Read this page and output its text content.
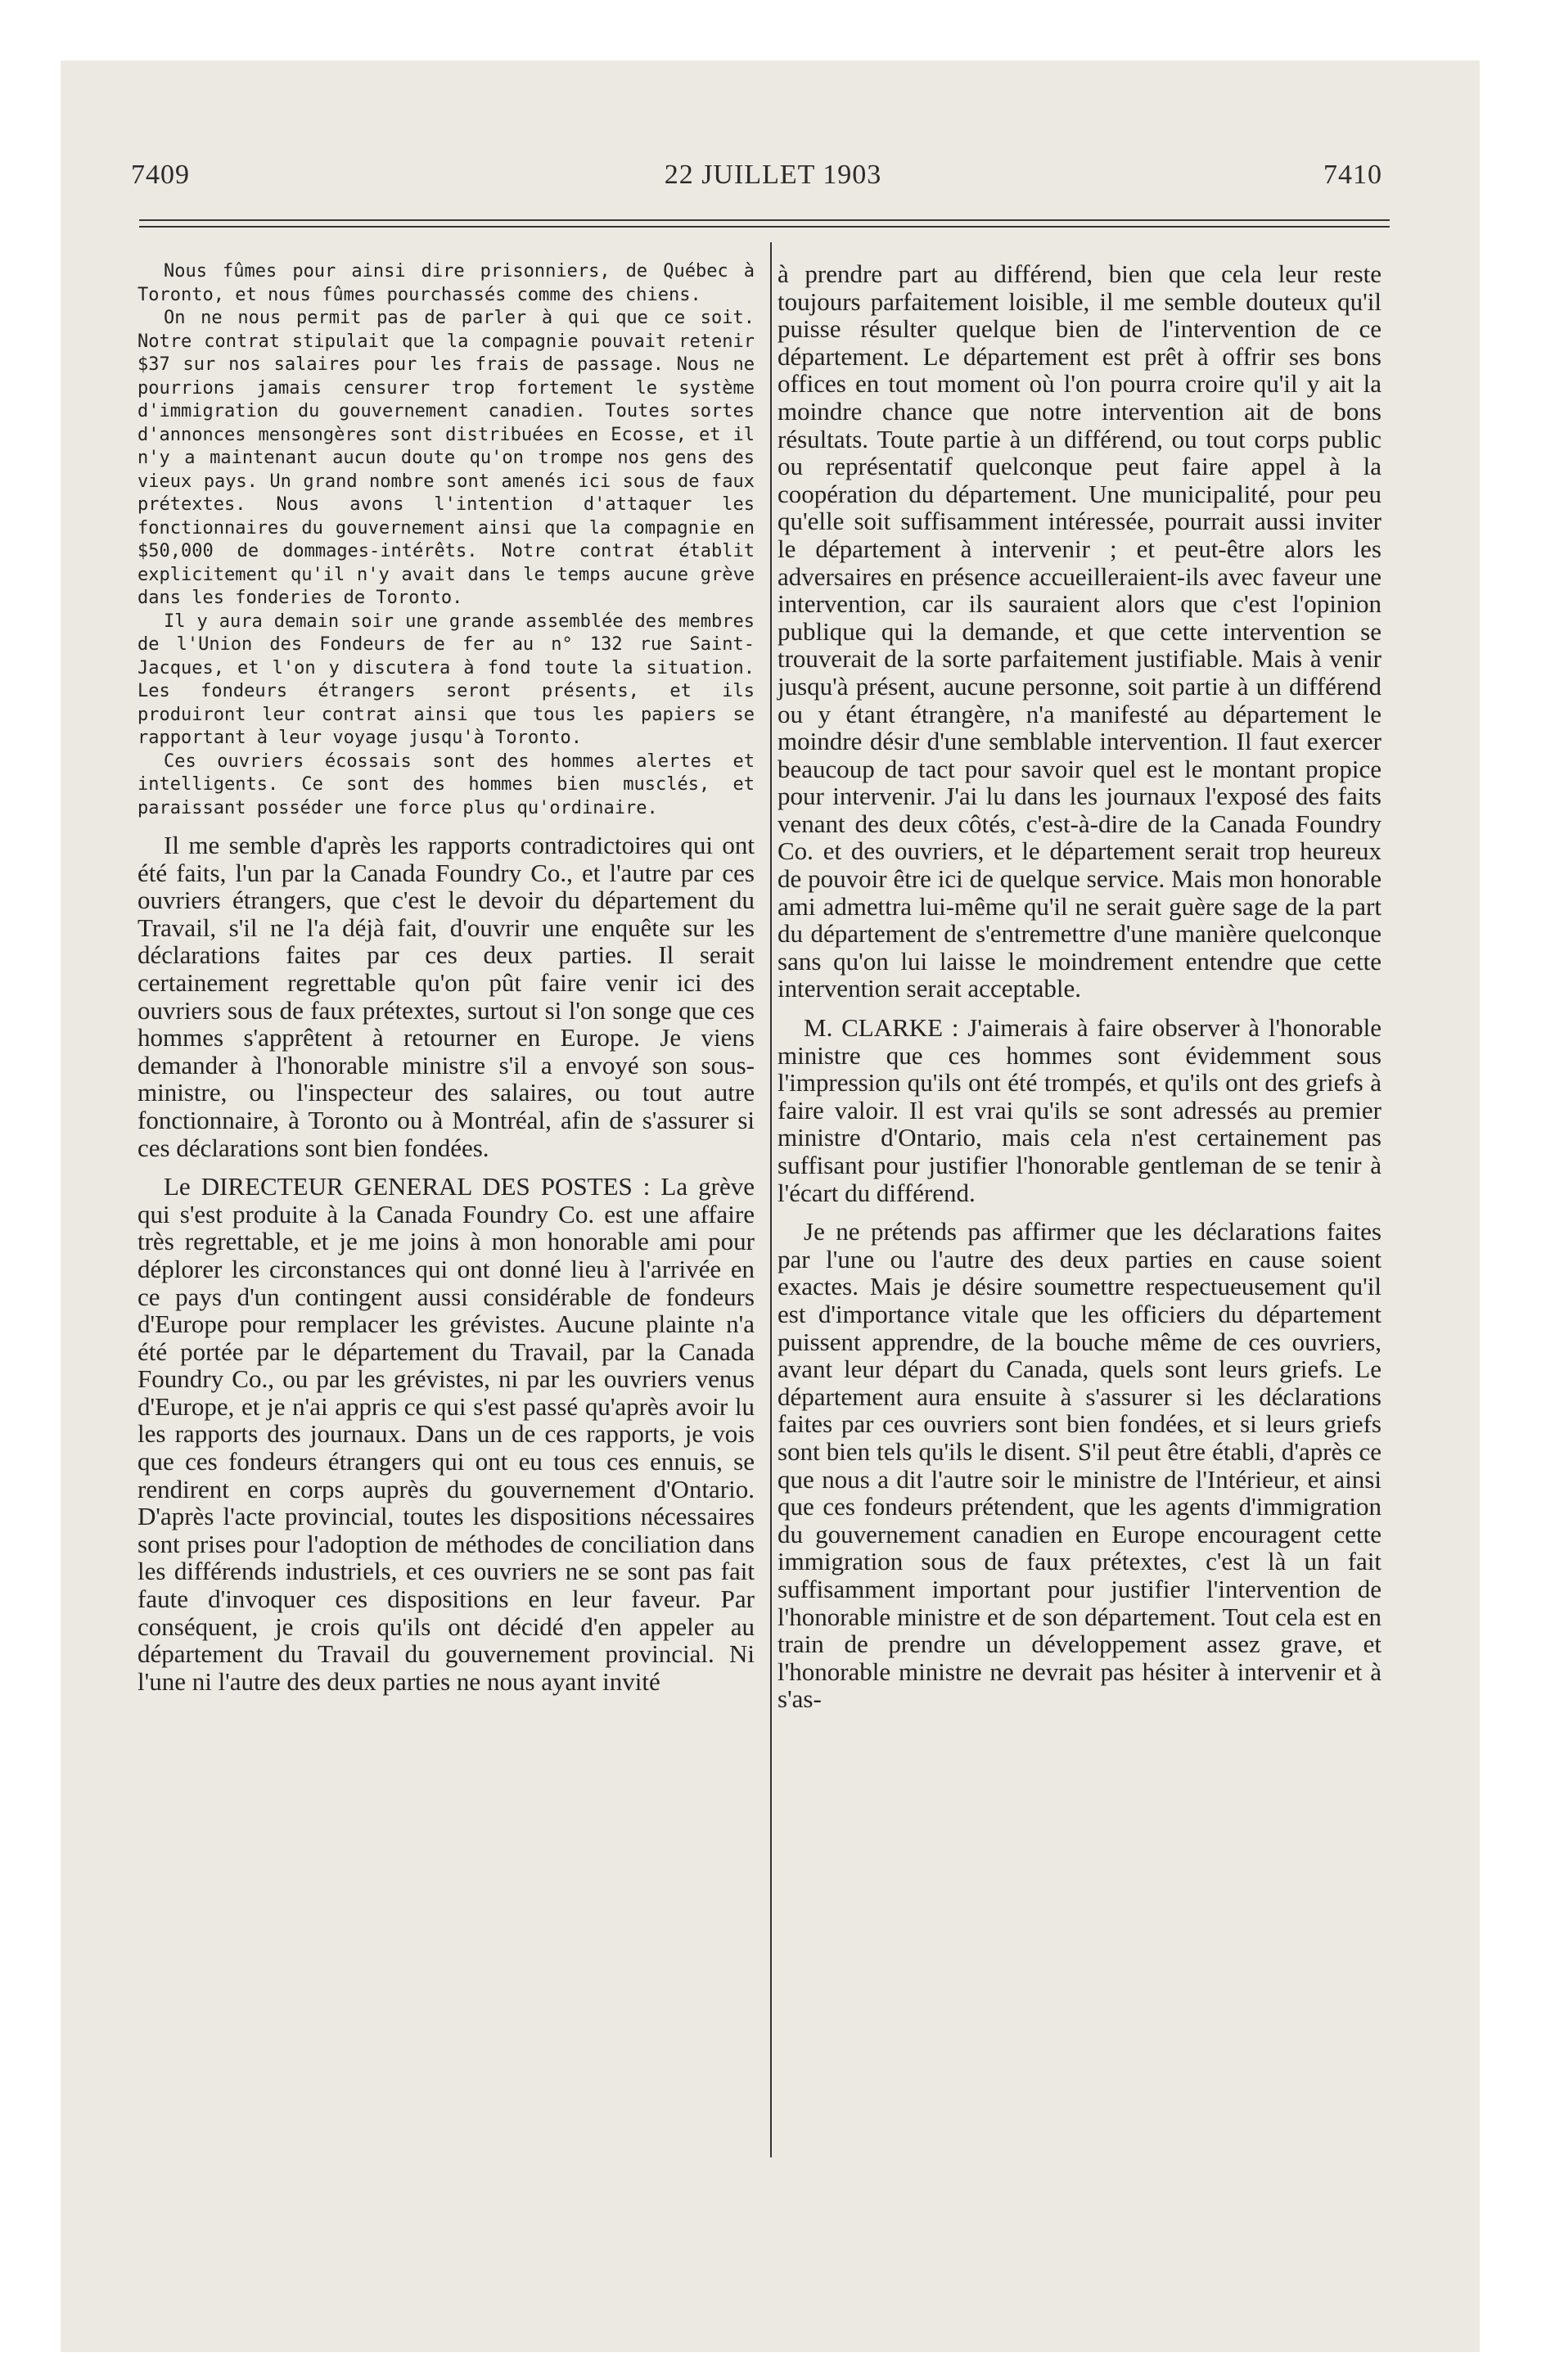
7409	22 JUILLET 1903	7410

Nous fûmes pour ainsi dire prisonniers, de Québec à Toronto, et nous fûmes pourchassés comme des chiens.

On ne nous permit pas de parler à qui que ce soit. Notre contrat stipulait que la compagnie pouvait retenir $37 sur nos salaires pour les frais de passage. Nous ne pourrions jamais censurer trop fortement le système d'immigration du gouvernement canadien. Toutes sortes d'annonces mensongères sont distribuées en Ecosse, et il n'y a maintenant aucun doute qu'on trompe nos gens des vieux pays. Un grand nombre sont amenés ici sous de faux prétextes. Nous avons l'intention d'attaquer les fonctionnaires du gouvernement ainsi que la compagnie en $50,000 de dommages-intérêts. Notre contrat établit explicitement qu'il n'y avait dans le temps aucune grève dans les fonderies de Toronto.

Il y aura demain soir une grande assemblée des membres de l'Union des Fondeurs de fer au n° 132 rue Saint-Jacques, et l'on y discutera à fond toute la situation. Les fondeurs étrangers seront présents, et ils produiront leur contrat ainsi que tous les papiers se rapportant à leur voyage jusqu'à Toronto.

Ces ouvriers écossais sont des hommes alertes et intelligents. Ce sont des hommes bien musclés, et paraissant posséder une force plus qu'ordinaire.

Il me semble d'après les rapports contradictoires qui ont été faits, l'un par la Canada Foundry Co., et l'autre par ces ouvriers étrangers, que c'est le devoir du département du Travail, s'il ne l'a déjà fait, d'ouvrir une enquête sur les déclarations faites par ces deux parties. Il serait certainement regrettable qu'on pût faire venir ici des ouvriers sous de faux prétextes, surtout si l'on songe que ces hommes s'apprêtent à retourner en Europe. Je viens demander à l'honorable ministre s'il a envoyé son sous-ministre, ou l'inspecteur des salaires, ou tout autre fonctionnaire, à Toronto ou à Montréal, afin de s'assurer si ces déclarations sont bien fondées.

Le DIRECTEUR GENERAL DES POSTES : La grève qui s'est produite à la Canada Foundry Co. est une affaire très regrettable, et je me joins à mon honorable ami pour déplorer les circonstances qui ont donné lieu à l'arrivée en ce pays d'un contingent aussi considérable de fondeurs d'Europe pour remplacer les grévistes. Aucune plainte n'a été portée par le département du Travail, par la Canada Foundry Co., ou par les grévistes, ni par les ouvriers venus d'Europe, et je n'ai appris ce qui s'est passé qu'après avoir lu les rapports des journaux. Dans un de ces rapports, je vois que ces fondeurs étrangers qui ont eu tous ces ennuis, se rendirent en corps auprès du gouvernement d'Ontario. D'après l'acte provincial, toutes les dispositions nécessaires sont prises pour l'adoption de méthodes de conciliation dans les différends industriels, et ces ouvriers ne se sont pas fait faute d'invoquer ces dispositions en leur faveur. Par conséquent, je crois qu'ils ont décidé d'en appeler au département du Travail du gouvernement provincial. Ni l'une ni l'autre des deux parties ne nous ayant invité

à prendre part au différend, bien que cela leur reste toujours parfaitement loisible, il me semble douteux qu'il puisse résulter quelque bien de l'intervention de ce département. Le département est prêt à offrir ses bons offices en tout moment où l'on pourra croire qu'il y ait la moindre chance que notre intervention ait de bons résultats. Toute partie à un différend, ou tout corps public ou représentatif quelconque peut faire appel à la coopération du département. Une municipalité, pour peu qu'elle soit suffisamment intéressée, pourrait aussi inviter le département à intervenir ; et peut-être alors les adversaires en présence accueilleraient-ils avec faveur une intervention, car ils sauraient alors que c'est l'opinion publique qui la demande, et que cette intervention se trouverait de la sorte parfaitement justifiable. Mais à venir jusqu'à présent, aucune personne, soit partie à un différend ou y étant étrangère, n'a manifesté au département le moindre désir d'une semblable intervention. Il faut exercer beaucoup de tact pour savoir quel est le montant propice pour intervenir. J'ai lu dans les journaux l'exposé des faits venant des deux côtés, c'est-à-dire de la Canada Foundry Co. et des ouvriers, et le département serait trop heureux de pouvoir être ici de quelque service. Mais mon honorable ami admettra lui-même qu'il ne serait guère sage de la part du département de s'entremettre d'une manière quelconque sans qu'on lui laisse le moindrement entendre que cette intervention serait acceptable.

M. CLARKE : J'aimerais à faire observer à l'honorable ministre que ces hommes sont évidemment sous l'impression qu'ils ont été trompés, et qu'ils ont des griefs à faire valoir. Il est vrai qu'ils se sont adressés au premier ministre d'Ontario, mais cela n'est certainement pas suffisant pour justifier l'honorable gentleman de se tenir à l'écart du différend.

Je ne prétends pas affirmer que les déclarations faites par l'une ou l'autre des deux parties en cause soient exactes. Mais je désire soumettre respectueusement qu'il est d'importance vitale que les officiers du département puissent apprendre, de la bouche même de ces ouvriers, avant leur départ du Canada, quels sont leurs griefs. Le département aura ensuite à s'assurer si les déclarations faites par ces ouvriers sont bien fondées, et si leurs griefs sont bien tels qu'ils le disent. S'il peut être établi, d'après ce que nous a dit l'autre soir le ministre de l'Intérieur, et ainsi que ces fondeurs prétendent, que les agents d'immigration du gouvernement canadien en Europe encouragent cette immigration sous de faux prétextes, c'est là un fait suffisamment important pour justifier l'intervention de l'honorable ministre et de son département. Tout cela est en train de prendre un développement assez grave, et l'honorable ministre ne devrait pas hésiter à intervenir et à s'as-
